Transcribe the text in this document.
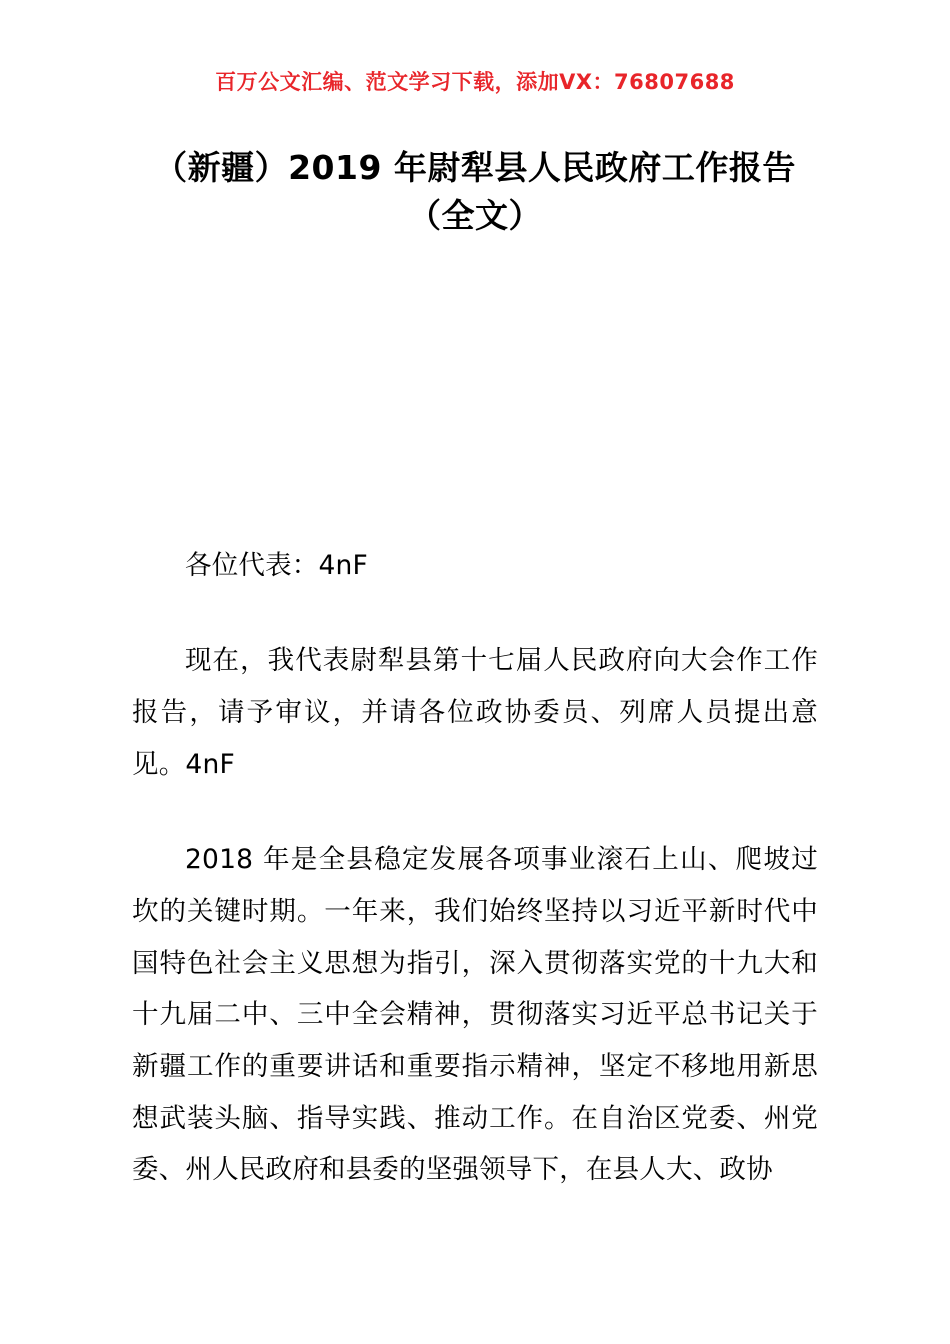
百万公文汇编、范文学习下载，添加VX：76807688
（新疆）2019 年尉犁县人民政府工作报告（全文）

各位代表：4nF

现在，我代表尉犁县第十七届人民政府向大会作工作报告，请予审议，并请各位政协委员、列席人员提出意见。4nF

2018 年是全县稳定发展各项事业滚石上山、爬坡过坎的关键时期。一年来，我们始终坚持以习近平新时代中国特色社会主义思想为指引，深入贯彻落实党的十九大和十九届二中、三中全会精神，贯彻落实习近平总书记关于新疆工作的重要讲话和重要指示精神，坚定不移地用新思想武装头脑、指导实践、推动工作。在自治区党委、州党委、州人民政府和县委的坚强领导下，在县人大、政协
